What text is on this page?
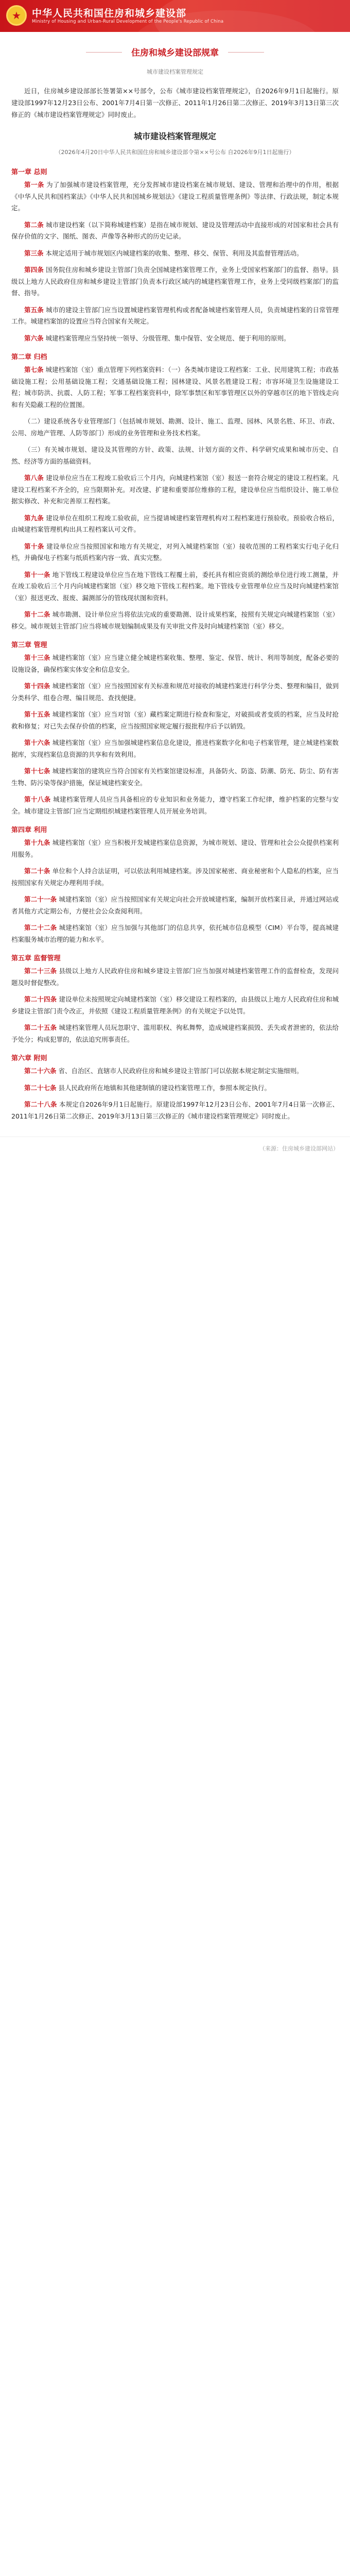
★	中华人民共和国住房和城乡建设部
Ministry of Housing and Urban-Rural Development of the People's Republic of China
住房和城乡建设部规章
城市建设档案管理规定

近日，住房城乡建设部部长签署第××号部令，公布《城市建设档案管理规定》，自2026年9月1日起施行。原建设部1997年12月23日公布、2001年7月4日第一次修正、2011年1月26日第二次修正、2019年3月13日第三次修正的《城市建设档案管理规定》同时废止。

城市建设档案管理规定
（2026年4月20日中华人民共和国住房和城乡建设部令第××号公布 自2026年9月1日起施行）
第一章 总则

第一条 为了加强城市建设档案管理，充分发挥城市建设档案在城市规划、建设、管理和治理中的作用，根据《中华人民共和国档案法》《中华人民共和国城乡规划法》《建设工程质量管理条例》等法律、行政法规，制定本规定。

第二条 城市建设档案（以下简称城建档案）是指在城市规划、建设及管理活动中直接形成的对国家和社会具有保存价值的文字、图纸、图表、声像等各种形式的历史记录。

第三条 本规定适用于城市规划区内城建档案的收集、整理、移交、保管、利用及其监督管理活动。

第四条 国务院住房和城乡建设主管部门负责全国城建档案管理工作，业务上受国家档案部门的监督、指导。县级以上地方人民政府住房和城乡建设主管部门负责本行政区域内的城建档案管理工作，业务上受同级档案部门的监督、指导。

第五条 城市的建设主管部门应当设置城建档案管理机构或者配备城建档案管理人员，负责城建档案的日常管理工作。城建档案馆的设置应当符合国家有关规定。

第六条 城建档案管理应当坚持统一领导、分级管理、集中保管、安全规范、便于利用的原则。

第二章 归档

第七条 城建档案馆（室）重点管理下列档案资料：（一）各类城市建设工程档案：工业、民用建筑工程；市政基础设施工程；公用基础设施工程；交通基础设施工程；园林建设、风景名胜建设工程；市容环境卫生设施建设工程；城市防洪、抗震、人防工程；军事工程档案资料中，除军事禁区和军事管理区以外的穿越市区的地下管线走向和有关隐蔽工程的位置图。

（二）建设系统各专业管理部门（包括城市规划、勘测、设计、施工、监理、园林、风景名胜、环卫、市政、公用、房地产管理、人防等部门）形成的业务管理和业务技术档案。

（三）有关城市规划、建设及其管理的方针、政策、法规、计划方面的文件、科学研究成果和城市历史、自然、经济等方面的基础资料。

第八条 建设单位应当在工程竣工验收后三个月内，向城建档案馆（室）报送一套符合规定的建设工程档案。凡建设工程档案不齐全的，应当限期补充。对改建、扩建和重要部位维修的工程，建设单位应当组织设计、施工单位据实修改、补充和完善原工程档案。

第九条 建设单位在组织工程竣工验收前，应当提请城建档案管理机构对工程档案进行预验收。预验收合格后，由城建档案管理机构出具工程档案认可文件。

第十条 建设单位应当按照国家和地方有关规定，对列入城建档案馆（室）接收范围的工程档案实行电子化归档，并确保电子档案与纸质档案内容一致、真实完整。

第十一条 地下管线工程建设单位应当在地下管线工程覆土前，委托具有相应资质的测绘单位进行竣工测量，并在竣工验收后三个月内向城建档案馆（室）移交地下管线工程档案。地下管线专业管理单位应当及时向城建档案馆（室）报送更改、报废、漏测部分的管线现状图和资料。

第十二条 城市勘测、设计单位应当将依法完成的重要勘测、设计成果档案，按照有关规定向城建档案馆（室）移交。城市规划主管部门应当将城市规划编制成果及有关审批文件及时向城建档案馆（室）移交。

第三章 管理

第十三条 城建档案馆（室）应当建立健全城建档案收集、整理、鉴定、保管、统计、利用等制度，配备必要的设施设备，确保档案实体安全和信息安全。

第十四条 城建档案馆（室）应当按照国家有关标准和规范对接收的城建档案进行科学分类、整理和编目，做到分类科学、组卷合理、编目规范、查找便捷。

第十五条 城建档案馆（室）应当对馆（室）藏档案定期进行检查和鉴定，对破损或者变质的档案，应当及时抢救和修复；对已失去保存价值的档案，应当按照国家规定履行报批程序后予以销毁。

第十六条 城建档案馆（室）应当加强城建档案信息化建设，推进档案数字化和电子档案管理，建立城建档案数据库，实现档案信息资源的共享和有效利用。

第十七条 城建档案馆的建筑应当符合国家有关档案馆建设标准，具备防火、防盗、防潮、防光、防尘、防有害生物、防污染等保护措施，保证城建档案安全。

第十八条 城建档案管理人员应当具备相应的专业知识和业务能力，遵守档案工作纪律，维护档案的完整与安全。城市建设主管部门应当定期组织城建档案管理人员开展业务培训。

第四章 利用

第十九条 城建档案馆（室）应当积极开发城建档案信息资源，为城市规划、建设、管理和社会公众提供档案利用服务。

第二十条 单位和个人持合法证明，可以依法利用城建档案。涉及国家秘密、商业秘密和个人隐私的档案，应当按照国家有关规定办理利用手续。

第二十一条 城建档案馆（室）应当按照国家有关规定向社会开放城建档案，编制开放档案目录，并通过网站或者其他方式定期公布，方便社会公众查阅利用。

第二十二条 城建档案馆（室）应当加强与其他部门的信息共享，依托城市信息模型（CIM）平台等，提高城建档案服务城市治理的能力和水平。

第五章 监督管理

第二十三条 县级以上地方人民政府住房和城乡建设主管部门应当加强对城建档案管理工作的监督检查，发现问题及时督促整改。

第二十四条 建设单位未按照规定向城建档案馆（室）移交建设工程档案的，由县级以上地方人民政府住房和城乡建设主管部门责令改正，并依照《建设工程质量管理条例》的有关规定予以处罚。

第二十五条 城建档案管理人员玩忽职守、滥用职权、徇私舞弊，造成城建档案损毁、丢失或者泄密的，依法给予处分；构成犯罪的，依法追究刑事责任。

第六章 附则

第二十六条 省、自治区、直辖市人民政府住房和城乡建设主管部门可以依据本规定制定实施细则。

第二十七条 县人民政府所在地镇和其他建制镇的建设档案管理工作，参照本规定执行。

第二十八条 本规定自2026年9月1日起施行。原建设部1997年12月23日公布、2001年7月4日第一次修正、2011年1月26日第二次修正、2019年3月13日第三次修正的《城市建设档案管理规定》同时废止。

（来源：住房城乡建设部网站）
